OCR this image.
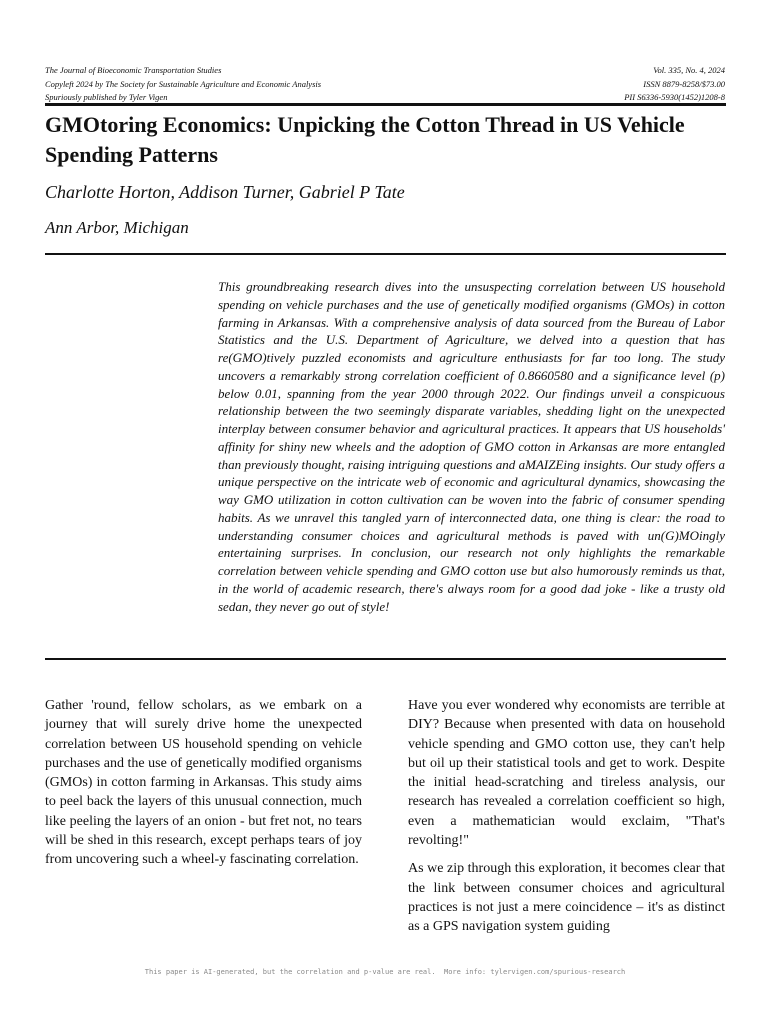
The Journal of Bioeconomic Transportation Studies
Copyleft 2024 by The Society for Sustainable Agriculture and Economic Analysis
Spuriously published by Tyler Vigen
Vol. 335, No. 4, 2024
ISSN 8879-8258/$73.00
PII S6336-5930(1452)1208-8
GMOtoring Economics: Unpicking the Cotton Thread in US Vehicle Spending Patterns
Charlotte Horton, Addison Turner, Gabriel P Tate
Ann Arbor, Michigan

This groundbreaking research dives into the unsuspecting correlation between US household spending on vehicle purchases and the use of genetically modified organisms (GMOs) in cotton farming in Arkansas. With a comprehensive analysis of data sourced from the Bureau of Labor Statistics and the U.S. Department of Agriculture, we delved into a question that has re(GMO)tively puzzled economists and agriculture enthusiasts for far too long. The study uncovers a remarkably strong correlation coefficient of 0.8660580 and a significance level (p) below 0.01, spanning from the year 2000 through 2022. Our findings unveil a conspicuous relationship between the two seemingly disparate variables, shedding light on the unexpected interplay between consumer behavior and agricultural practices. It appears that US households' affinity for shiny new wheels and the adoption of GMO cotton in Arkansas are more entangled than previously thought, raising intriguing questions and aMAIZEing insights. Our study offers a unique perspective on the intricate web of economic and agricultural dynamics, showcasing the way GMO utilization in cotton cultivation can be woven into the fabric of consumer spending habits. As we unravel this tangled yarn of interconnected data, one thing is clear: the road to understanding consumer choices and agricultural methods is paved with un(G)MOingly entertaining surprises. In conclusion, our research not only highlights the remarkable correlation between vehicle spending and GMO cotton use but also humorously reminds us that, in the world of academic research, there's always room for a good dad joke - like a trusty old sedan, they never go out of style!

Gather 'round, fellow scholars, as we embark on a journey that will surely drive home the unexpected correlation between US household spending on vehicle purchases and the use of genetically modified organisms (GMOs) in cotton farming in Arkansas. This study aims to peel back the layers of this unusual connection, much like peeling the layers of an onion - but fret not, no tears will be shed in this research, except perhaps tears of joy from uncovering such a wheel-y fascinating correlation.

Have you ever wondered why economists are terrible at DIY? Because when presented with data on household vehicle spending and GMO cotton use, they can't help but oil up their statistical tools and get to work. Despite the initial head-scratching and tireless analysis, our research has revealed a correlation coefficient so high, even a mathematician would exclaim, "That's revolting!"

As we zip through this exploration, it becomes clear that the link between consumer choices and agricultural practices is not just a mere coincidence – it's as distinct as a GPS navigation system guiding

This paper is AI-generated, but the correlation and p-value are real.  More info: tylervigen.com/spurious-research
